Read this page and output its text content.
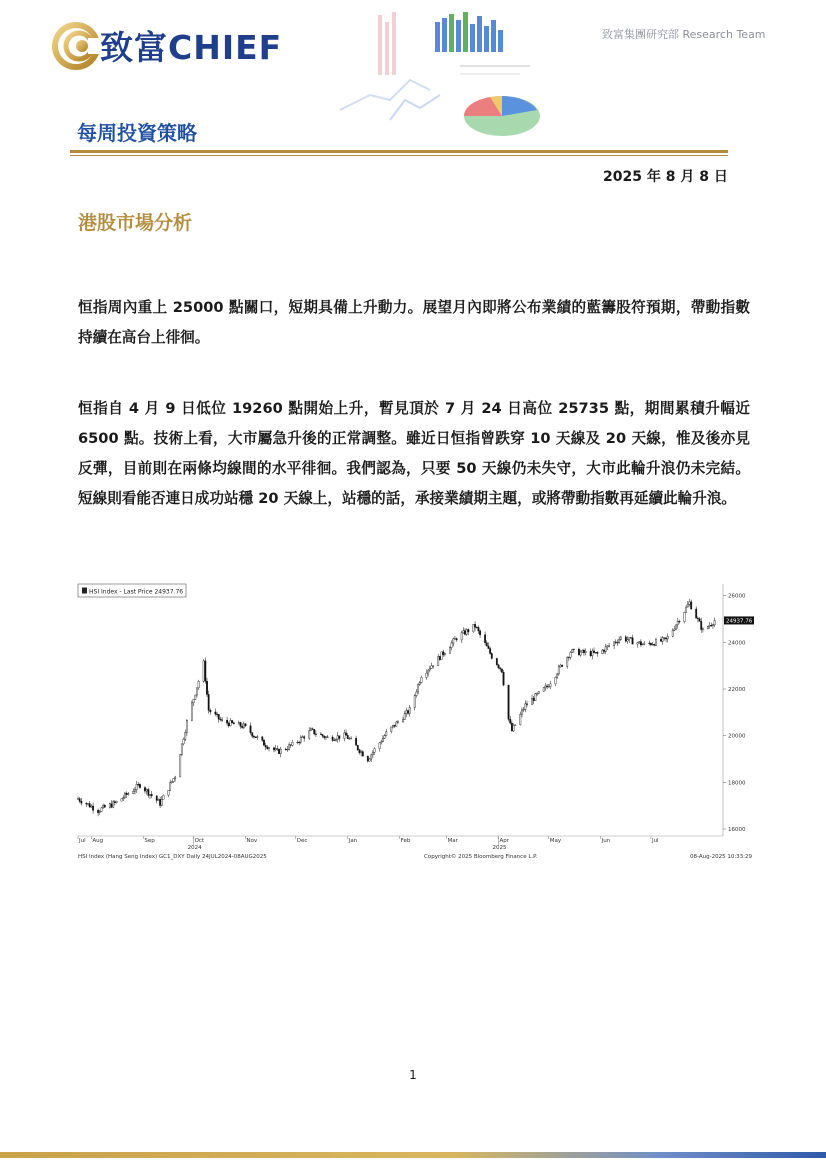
致富CHIEF	致富集團研究部 Research Team
每周投資策略
2025 年 8 月 8 日
港股市場分析
恒指周內重上 25000 點關口，短期具備上升動力。展望月內即將公布業績的藍籌股符預期，帶動指數持續在高台上徘徊。
恒指自 4 月 9 日低位 19260 點開始上升，暫見頂於 7 月 24 日高位 25735 點，期間累積升幅近 6500 點。技術上看，大市屬急升後的正常調整。雖近日恒指曾跌穿 10 天線及 20 天線，惟及後亦見反彈，目前則在兩條均線間的水平徘徊。我們認為，只要 50 天線仍未失守，大市此輪升浪仍未完結。短線則看能否連日成功站穩 20 天線上，站穩的話，承接業績期主題，或將帶動指數再延續此輪升浪。
16000
18000
20000
22000
24000
26000
Jul Aug	Sep	Oct	Nov	Dec	Jan	Feb	Mar	Apr	May	Jun	Jul
2024	2025
HSI Index - Last Price 24937.76
24937.76
HSI Index (Hang Seng Index) GC1_DXY Daily 24JUL2024-08AUG2025	Copyright© 2025 Bloomberg Finance L.P.	08-Aug-2025 10:33:29
1
